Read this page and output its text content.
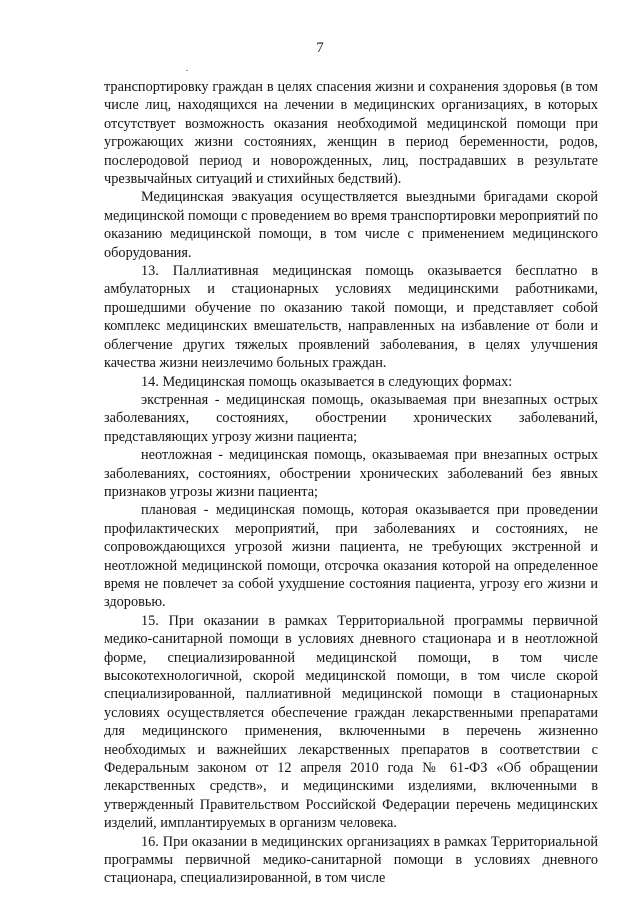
7

транспортировку граждан в целях спасения жизни и сохранения здоровья (в том числе лиц, находящихся на лечении в медицинских организациях, в которых отсутствует возможность оказания необходимой медицинской помощи при угрожающих жизни состояниях, женщин в период беременности, родов, послеродовой период и новорожденных, лиц, пострадавших в результате чрезвычайных ситуаций и стихийных бедствий).

Медицинская эвакуация осуществляется выездными бригадами скорой медицинской помощи с проведением во время транспортировки мероприятий по оказанию медицинской помощи, в том числе с применением медицинского оборудования.

13. Паллиативная медицинская помощь оказывается бесплатно в амбулаторных и стационарных условиях медицинскими работниками, прошедшими обучение по оказанию такой помощи, и представляет собой комплекс медицинских вмешательств, направленных на избавление от боли и облегчение других тяжелых проявлений заболевания, в целях улучшения качества жизни неизлечимо больных граждан.

14. Медицинская помощь оказывается в следующих формах:

экстренная - медицинская помощь, оказываемая при внезапных острых заболеваниях, состояниях, обострении хронических заболеваний, представляющих угрозу жизни пациента;

неотложная - медицинская помощь, оказываемая при внезапных острых заболеваниях, состояниях, обострении хронических заболеваний без явных признаков угрозы жизни пациента;

плановая - медицинская помощь, которая оказывается при проведении профилактических мероприятий, при заболеваниях и состояниях, не сопровождающихся угрозой жизни пациента, не требующих экстренной и неотложной медицинской помощи, отсрочка оказания которой на определенное время не повлечет за собой ухудшение состояния пациента, угрозу его жизни и здоровью.

15. При оказании в рамках Территориальной программы первичной медико-санитарной помощи в условиях дневного стационара и в неотложной форме, специализированной медицинской помощи, в том числе высокотехнологичной, скорой медицинской помощи, в том числе скорой специализированной, паллиативной медицинской помощи в стационарных условиях осуществляется обеспечение граждан лекарственными препаратами для медицинского применения, включенными в перечень жизненно необходимых и важнейших лекарственных препаратов в соответствии с Федеральным законом от 12 апреля 2010 года № 61-ФЗ «Об обращении лекарственных средств», и медицинскими изделиями, включенными в утвержденный Правительством Российской Федерации перечень медицинских изделий, имплантируемых в организм человека.

16. При оказании в медицинских организациях в рамках Территориальной программы первичной медико-санитарной помощи в условиях дневного стационара, специализированной, в том числе
